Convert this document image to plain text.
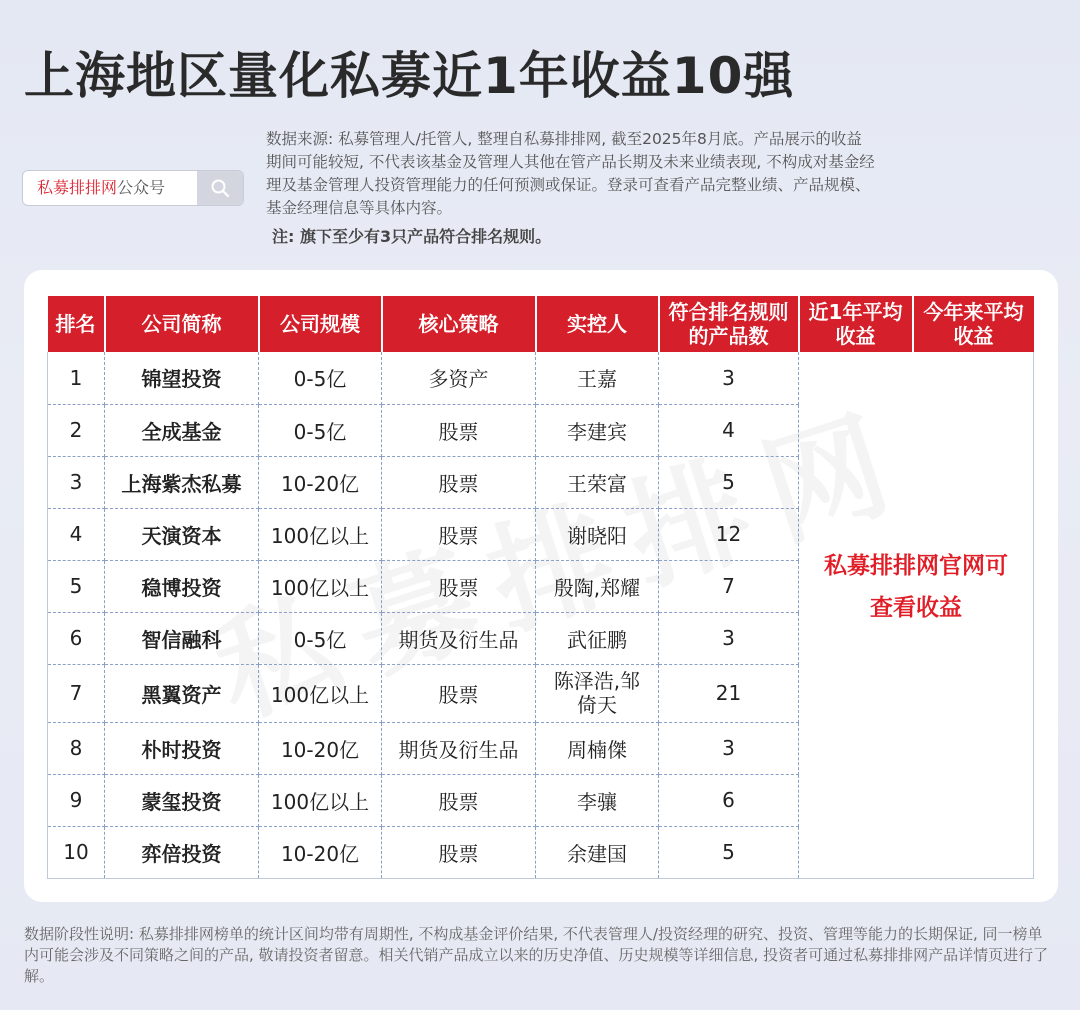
上海地区量化私募近1年收益10强
私募排排网公众号

数据来源: 私募管理人/托管人, 整理自私募排排网, 截至2025年8月底。产品展示的收益期间可能较短, 不代表该基金及管理人其他在管产品长期及未来业绩表现, 不构成对基金经理及基金管理人投资管理能力的任何预测或保证。登录可查看产品完整业绩、产品规模、基金经理信息等具体内容。

注: 旗下至少有3只产品符合排名规则。
排名	公司简称	公司规模	核心策略	实控人	符合排名规则的产品数	近1年平均收益	今年来平均收益
1	锦望投资	0-5亿	多资产	王嘉	3	私募排排网官网可查看收益	
2	全成基金	0-5亿	股票	李建宾	4		
3	上海紫杰私募	10-20亿	股票	王荣富	5		
4	天演资本	100亿以上	股票	谢晓阳	12		
5	稳博投资	100亿以上	股票	殷陶,郑耀	7		
6	智信融科	0-5亿	期货及衍生品	武征鹏	3		
7	黑翼资产	100亿以上	股票	陈泽浩,邹倚天	21		
8	朴时投资	10-20亿	期货及衍生品	周楠傑	3		
9	蒙玺投资	100亿以上	股票	李骧	6		
10	弈倍投资	10-20亿	股票	余建国	5		

数据阶段性说明: 私募排排网榜单的统计区间均带有周期性, 不构成基金评价结果, 不代表管理人/投资经理的研究、投资、管理等能力的长期保证, 同一榜单内可能会涉及不同策略之间的产品, 敬请投资者留意。相关代销产品成立以来的历史净值、历史规模等详细信息, 投资者可通过私募排排网产品详情页进行了解。
